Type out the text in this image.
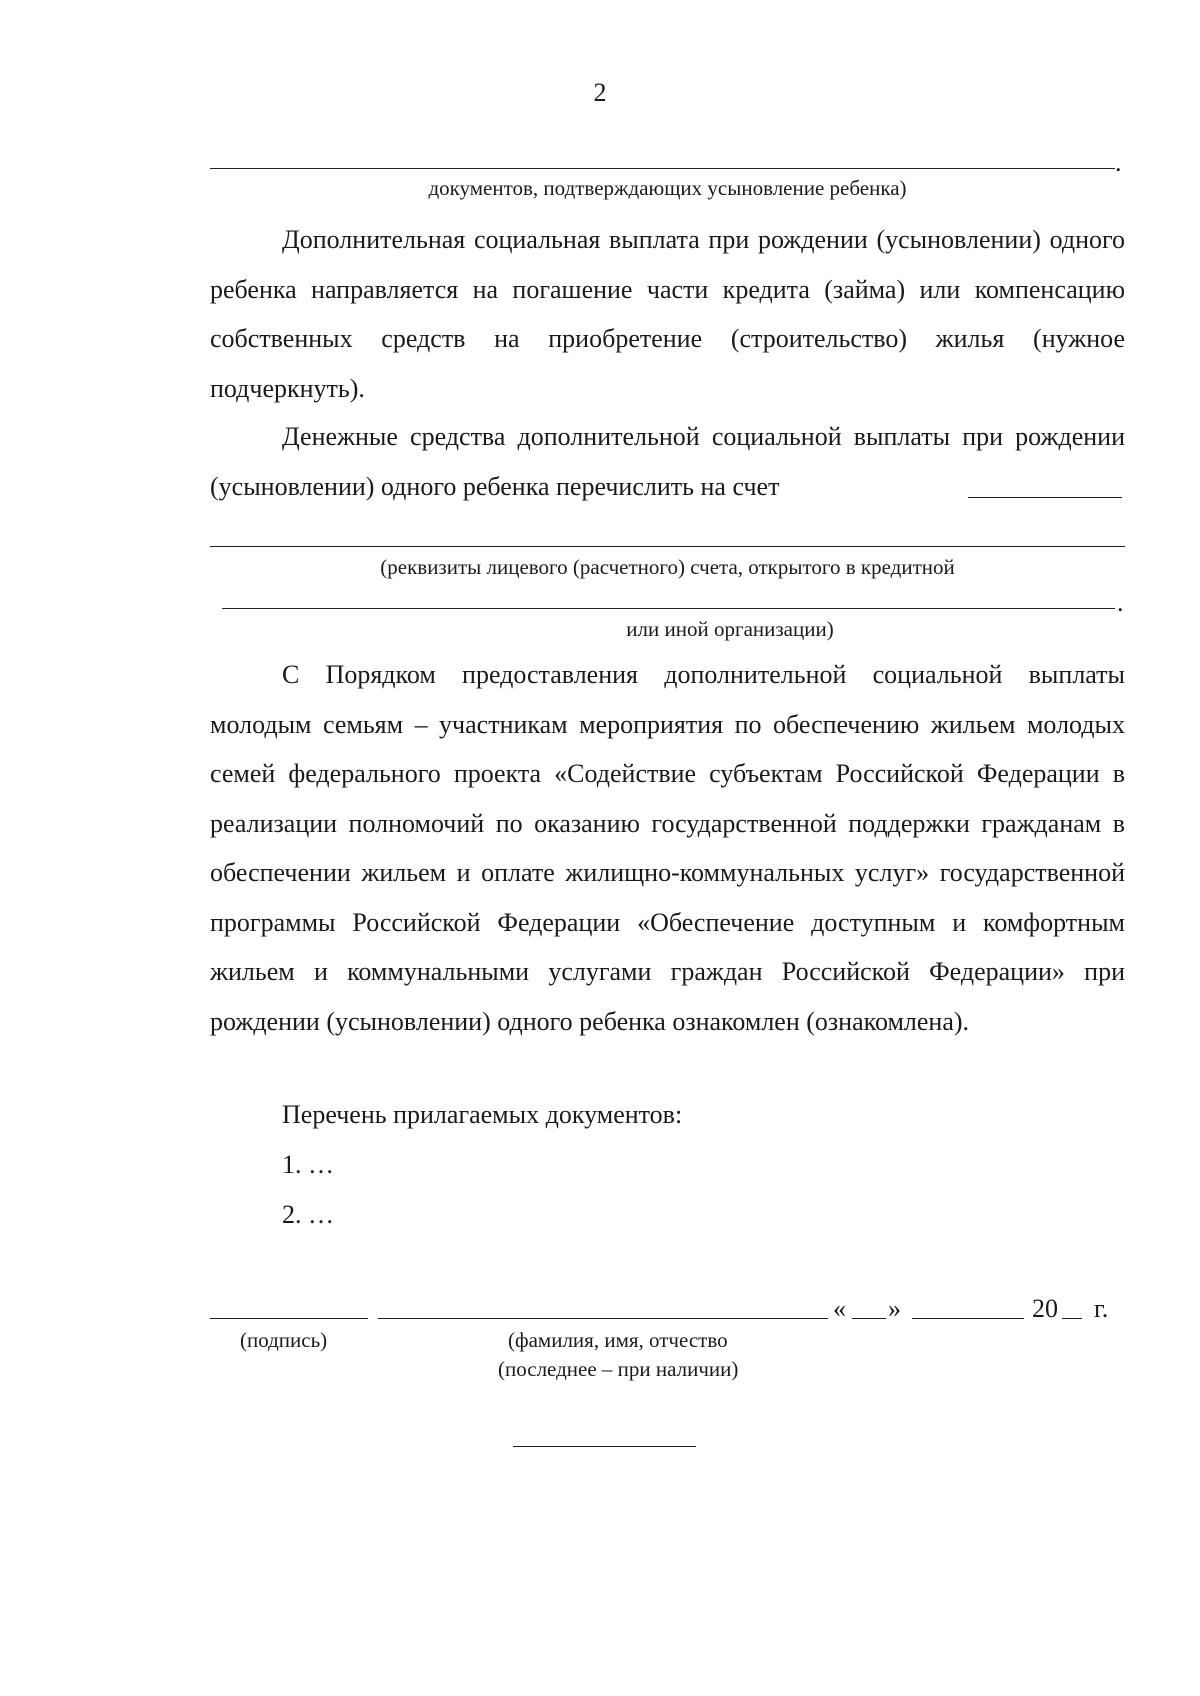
2
.
документов, подтверждающих усыновление ребенка)
Дополнительная социальная выплата при рождении (усыновлении) одного ребенка направляется на погашение части кредита (займа) или компенсацию собственных средств на приобретение (строительство) жилья (нужное подчеркнуть).
Денежные средства дополнительной социальной выплаты при рождении (усыновлении) одного ребенка перечислить на счет
(реквизиты лицевого (расчетного) счета, открытого в кредитной
.
или иной организации)
С Порядком предоставления дополнительной социальной выплаты молодым семьям – участникам мероприятия по обеспечению жильем молодых семей федерального проекта «Содействие субъектам Российской Федерации в реализации полномочий по оказанию государственной поддержки гражданам в обеспечении жильем и оплате жилищно-коммунальных услуг» государственной программы Российской Федерации «Обеспечение доступным и комфортным жильем и коммунальными услугами граждан Российской Федерации» при рождении (усыновлении) одного ребенка ознакомлен (ознакомлена).
Перечень прилагаемых документов:
1. …
2. …
« »	20 г.
(подпись)	(фамилия, имя, отчество
(последнее – при наличии)
